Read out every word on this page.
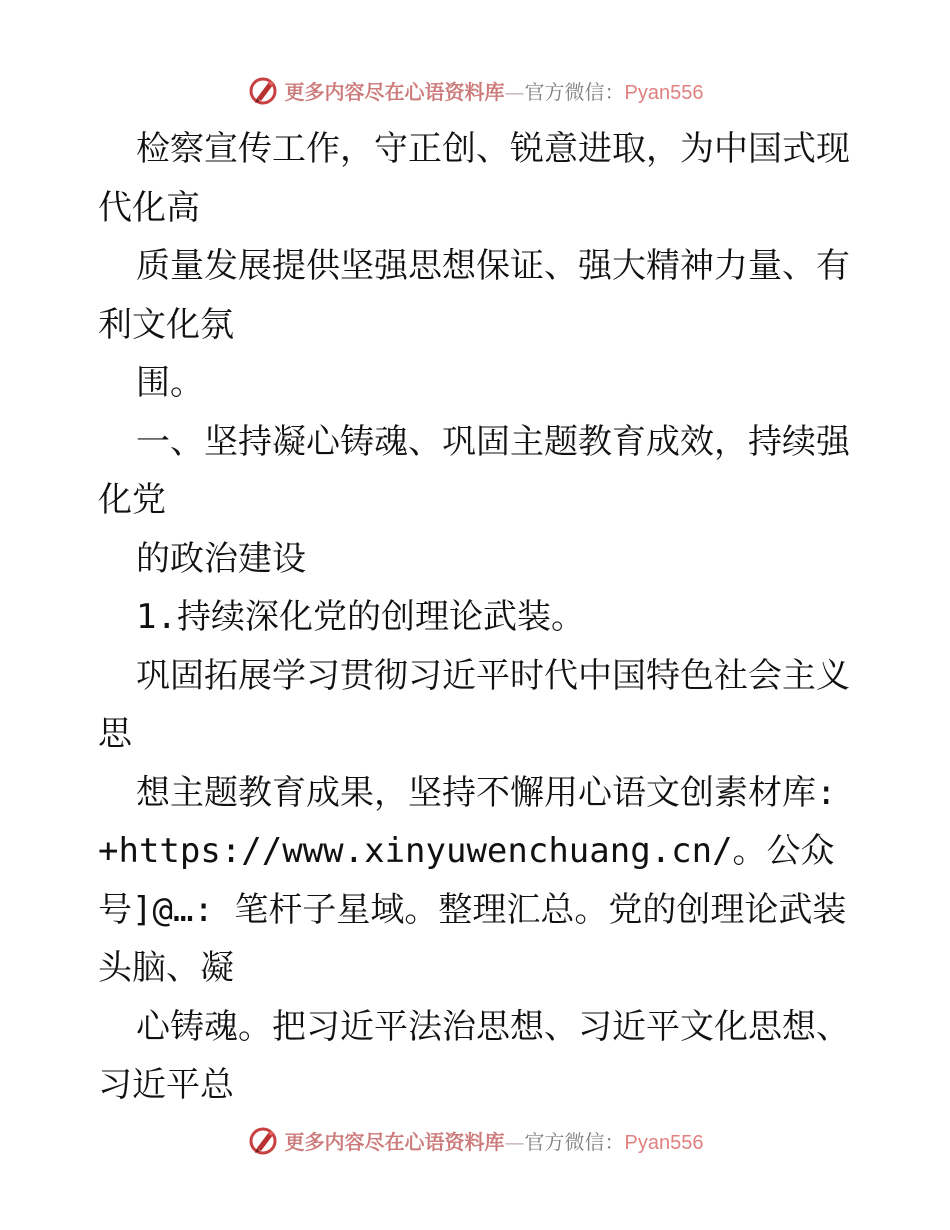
更多内容尽在心语资料库—官方微信：Pyan556
检察宣传工作，守正创、锐意进取，为中国式现
代化高
质量发展提供坚强思想保证、强大精神力量、有
利文化氛
围。
一、坚持凝心铸魂、巩固主题教育成效，持续强
化党
的政治建设
1.持续深化党的创理论武装。
巩固拓展学习贯彻习近平时代中国特色社会主义
思
想主题教育成果，坚持不懈用心语文创素材库:
+https://www.xinyuwenchuang.cn/。公众
号]@…: 笔杆子星域。整理汇总。党的创理论武装
头脑、凝
心铸魂。把习近平法治思想、习近平文化思想、
习近平总
更多内容尽在心语资料库—官方微信：Pyan556
